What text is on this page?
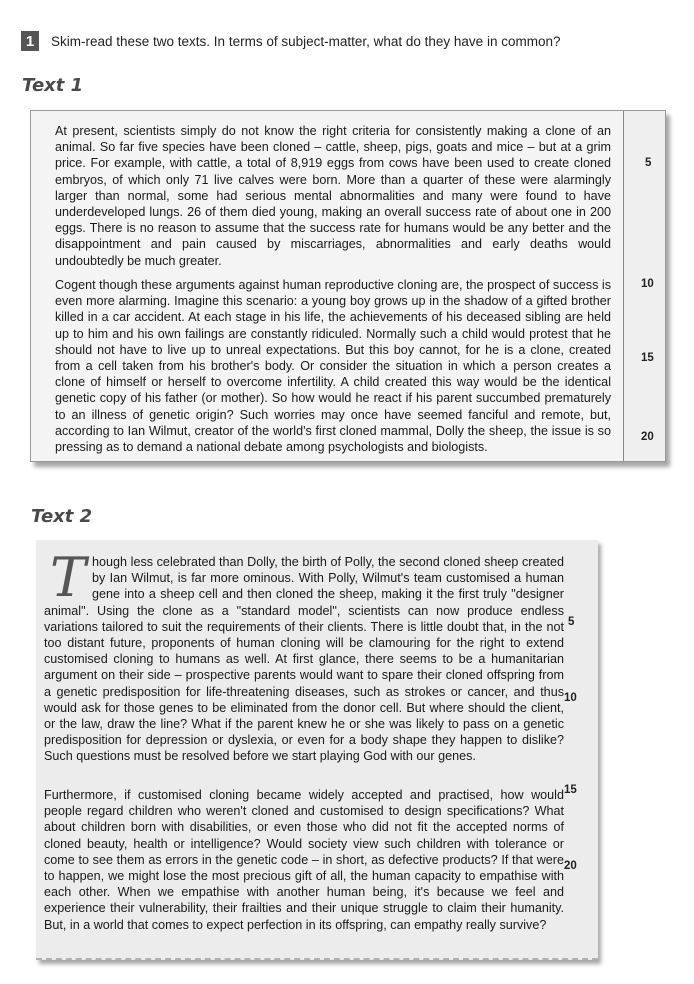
1	Skim-read these two texts. In terms of subject-matter, what do they have in common?
Text 1
At present, scientists simply do not know the right criteria for consistently making a clone of an animal. So far five species have been cloned – cattle, sheep, pigs, goats and mice – but at a grim price. For example, with cattle, a total of 8,919 eggs from cows have been used to create cloned embryos, of which only 71 live calves were born. More than a quarter of these were alarmingly larger than normal, some had serious mental abnormalities and many were found to have underdeveloped lungs. 26 of them died young, making an overall success rate of about one in 200 eggs. There is no reason to assume that the success rate for humans would be any better and the disappointment and pain caused by miscarriages, abnormalities and early deaths would undoubtedly be much greater.
Cogent though these arguments against human reproductive cloning are, the prospect of success is even more alarming. Imagine this scenario: a young boy grows up in the shadow of a gifted brother killed in a car accident. At each stage in his life, the achievements of his deceased sibling are held up to him and his own failings are constantly ridiculed. Normally such a child would protest that he should not have to live up to unreal expectations. But this boy cannot, for he is a clone, created from a cell taken from his brother's body. Or consider the situation in which a person creates a clone of himself or herself to overcome infertility. A child created this way would be the identical genetic copy of his father (or mother). So how would he react if his parent succumbed prematurely to an illness of genetic origin? Such worries may once have seemed fanciful and remote, but, according to Ian Wilmut, creator of the world's first cloned mammal, Dolly the sheep, the issue is so pressing as to demand a national debate among psychologists and biologists.
5
10
15
20
Text 2
Though less celebrated than Dolly, the birth of Polly, the second cloned sheep created by Ian Wilmut, is far more ominous. With Polly, Wilmut's team customised a human gene into a sheep cell and then cloned the sheep, making it the first truly "designer animal". Using the clone as a "standard model", scientists can now produce endless variations tailored to suit the requirements of their clients. There is little doubt that, in the not too distant future, proponents of human cloning will be clamouring for the right to extend customised cloning to humans as well. At first glance, there seems to be a humanitarian argument on their side – prospective parents would want to spare their cloned offspring from a genetic predisposition for life-threatening diseases, such as strokes or cancer, and thus would ask for those genes to be eliminated from the donor cell. But where should the client, or the law, draw the line? What if the parent knew he or she was likely to pass on a genetic predisposition for depression or dyslexia, or even for a body shape they happen to dislike? Such questions must be resolved before we start playing God with our genes.
Furthermore, if customised cloning became widely accepted and practised, how would people regard children who weren't cloned and customised to design specifications? What about children born with disabilities, or even those who did not fit the accepted norms of cloned beauty, health or intelligence? Would society view such children with tolerance or come to see them as errors in the genetic code – in short, as defective products? If that were to happen, we might lose the most precious gift of all, the human capacity to empathise with each other. When we empathise with another human being, it's because we feel and experience their vulnerability, their frailties and their unique struggle to claim their humanity. But, in a world that comes to expect perfection in its offspring, can empathy really survive?
5
10
15
20
